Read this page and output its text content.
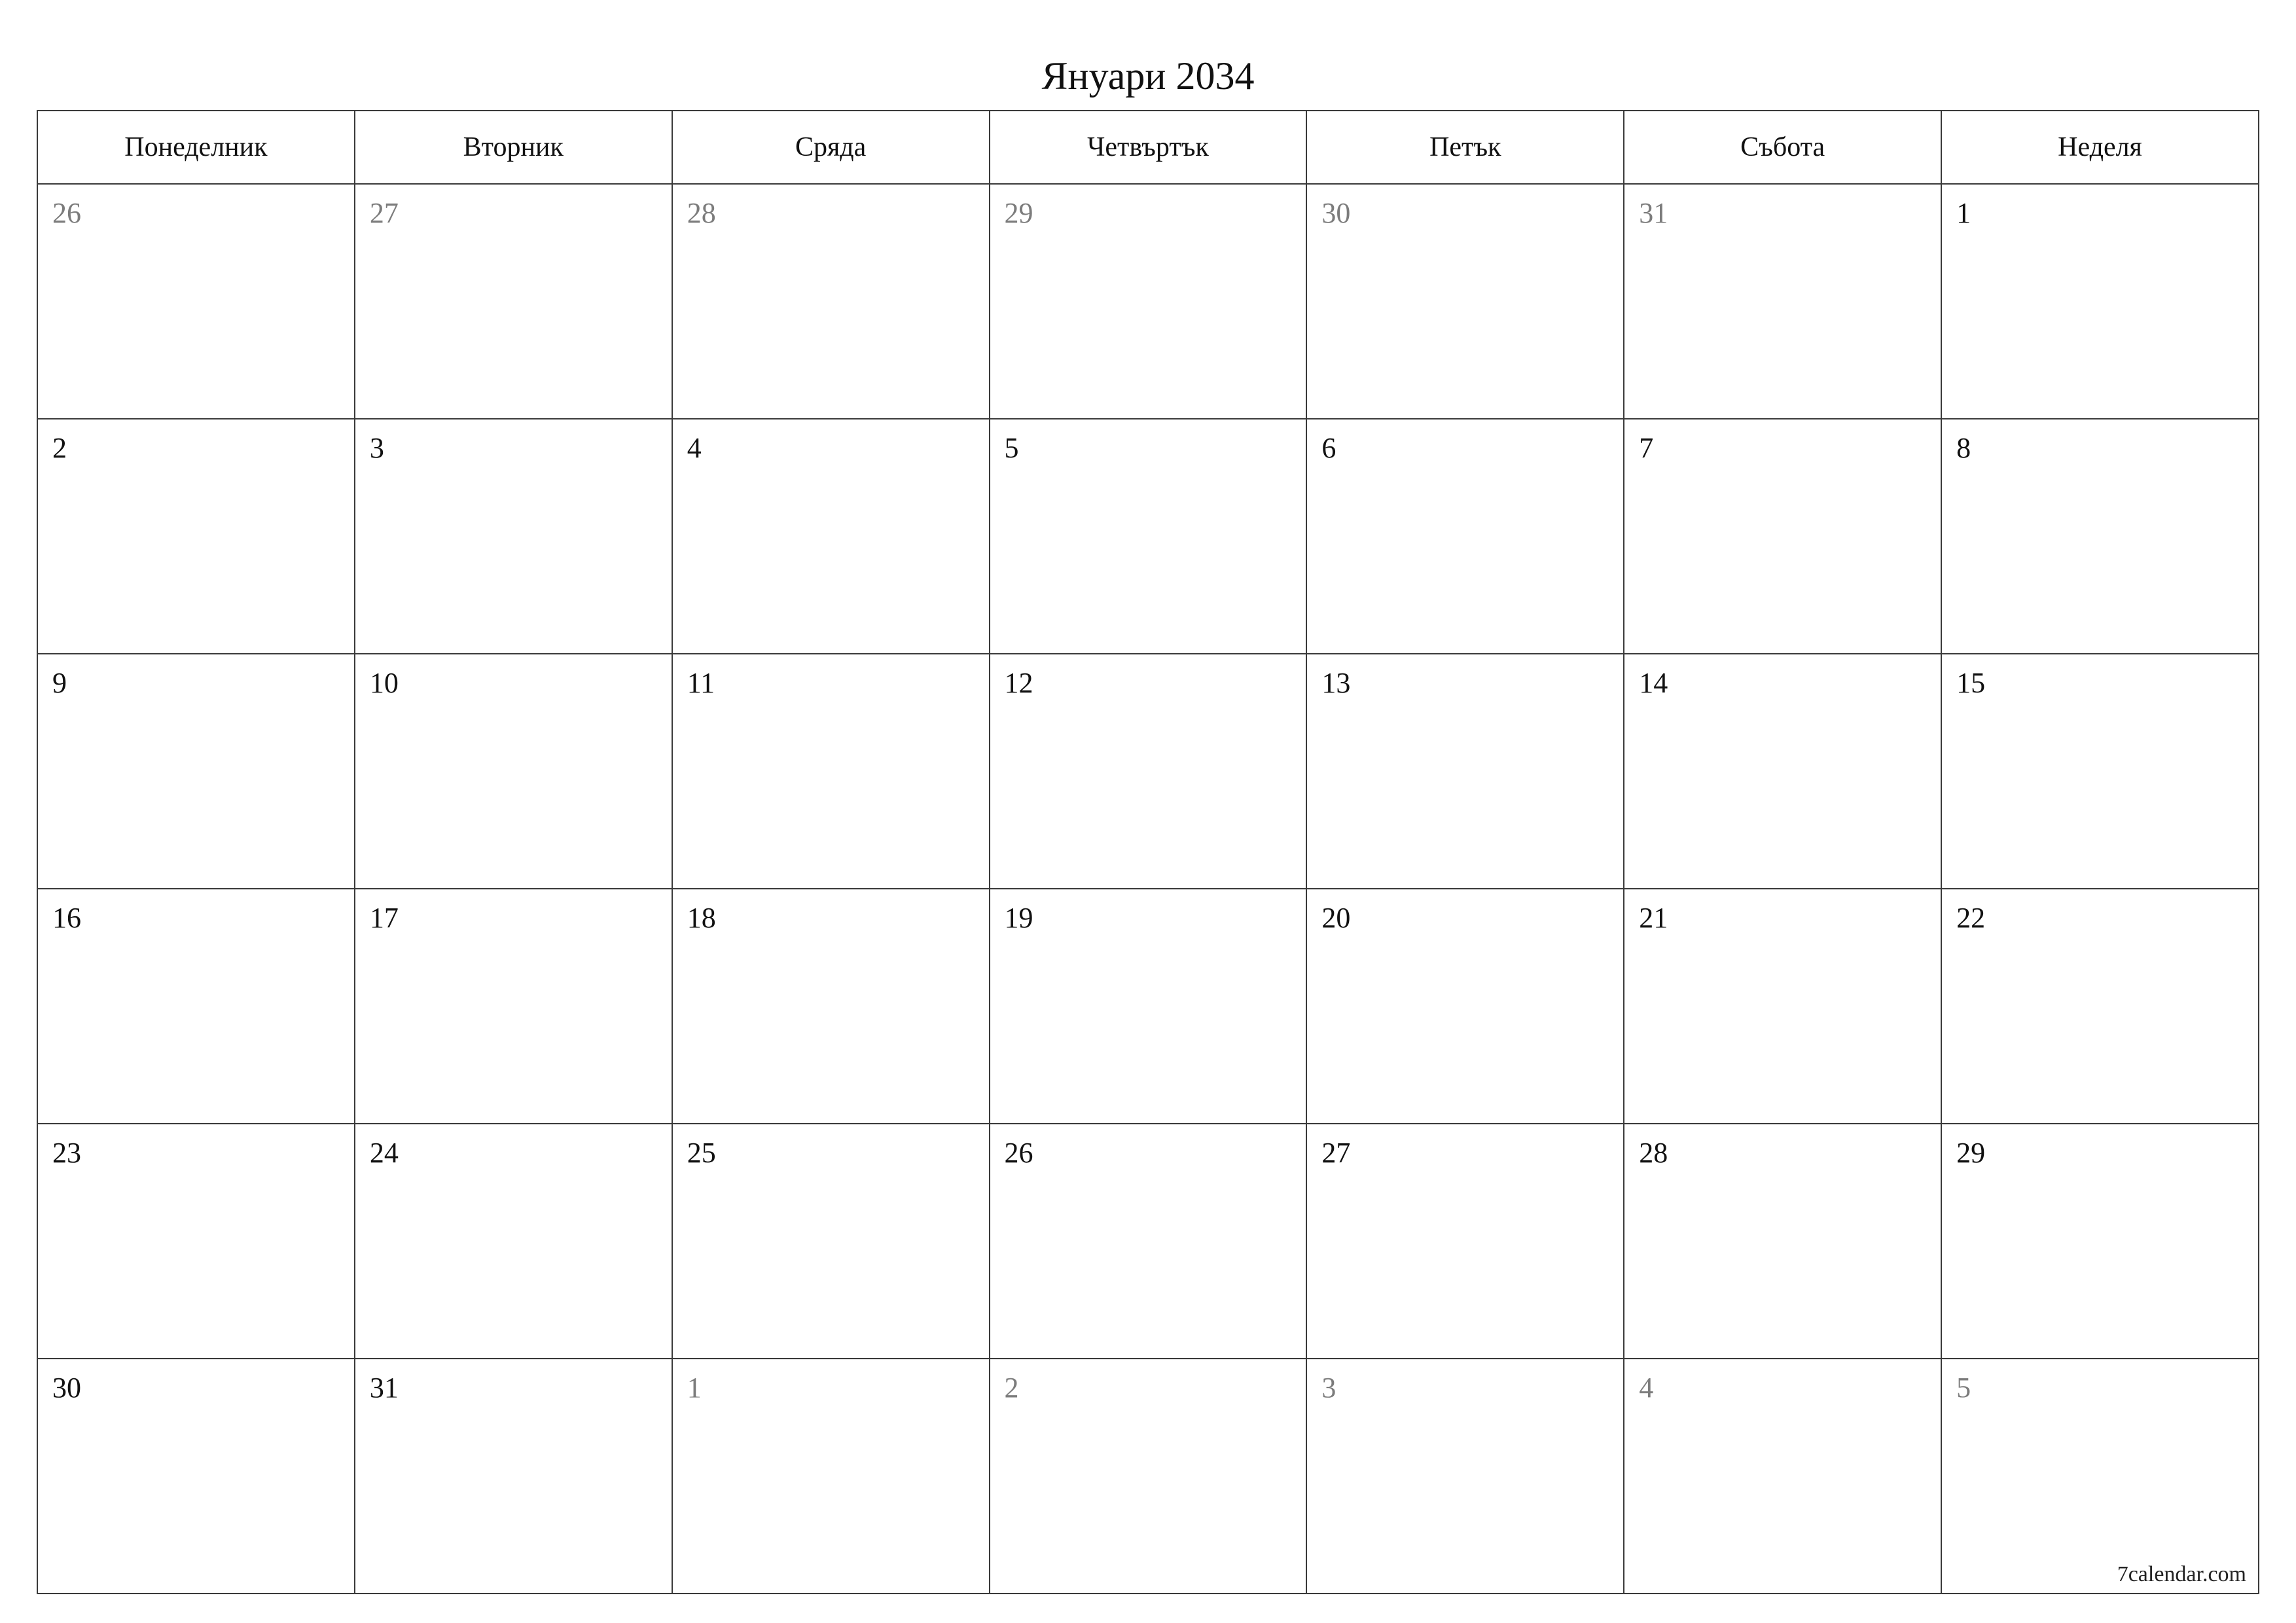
Януари 2034
Понеделник	Вторник	Сряда	Четвъртък	Петък	Събота	Неделя

26	27	28	29	30	31	1

2	3	4	5	6	7	8

9	10	11	12	13	14	15

16	17	18	19	20	21	22

23	24	25	26	27	28	29

30	31	1	2	3	4	5
7calendar.com
